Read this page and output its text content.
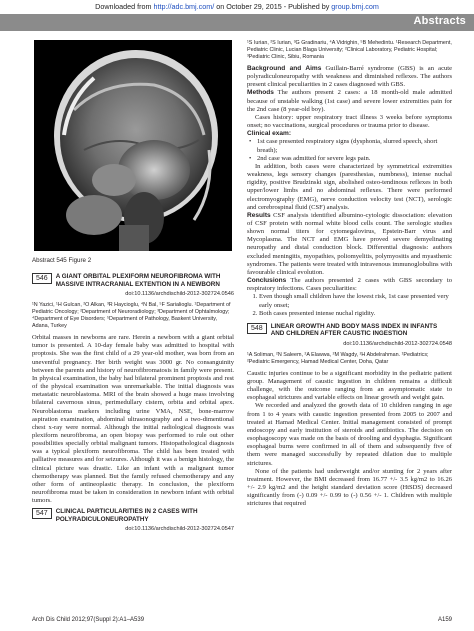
Downloaded from http://adc.bmj.com/ on October 29, 2015 - Published by group.bmj.com
Abstracts
Abstract 545 Figure 2
546	A GIANT ORBITAL PLEXIFORM NEUROFIBROMA WITH MASSIVE INTRACRANIAL EXTENTION IN A NEWBORN
doi:10.1136/archdischild-2012-302724.0546
¹N Yazici, ¹H Gulcan, ²O Alkan, ³R Haycioglu, ⁴N Bal, ⁵F Sarialioglu. ¹Department of Pediatric Oncology; ²Department of Neuroradiology; ³Department of Ophtalmology; ⁴Department of Eye Disorders; ⁵Department of Pathology, Baskent University, Adana, Turkey

Orbital masses in newborns are rare. Herein a newborn with a giant orbital tumor is presented. A 10-day female baby was admitted to hospital with proptosis. She was the first child of a 29 year-old mother, was born from an uneventful pregnancy. Her birth weight was 3000 gr. No consanguinity between the parents and history of neurofibromatosis in family were present. In physical examination, the baby had bilateral prominent proptosis and rest of the physical examination was unremarkable. The initial diagnosis was metastatic neuroblastoma. MRI of the brain showed a huge mass involving bilateral cavernous sinus, perimedullary cistern, orbita and orbital apex. Neuroblastoma markers including urine VMA, NSE, bone-marrow aspiration examination, abdominal ultrasonography and a two-dimentional chest x-ray were normal. Although the initial radiological diagnosis was plexiform neurofibroma, an open biopsy was performed to rule out other possibilities specially orbital malignant tumors. Histopathological diagnosis was a typical plexiform neurofibroma. The child has been treated with palliative measures and for seizures. Although it was a benign histology, the clinical picture was drastic. Like an infant with a malignant tumor chemotherapy was planned. But the family refused chemotherapy and any other form of antineoplastic therapy. In conclusion, the plexiform neurofibroma must be taken in consideration in newborn infant with orbital tumors.

547	CLINICAL PARTICULARITIES IN 2 CASES WITH POLYRADICULONEUROPATHY
doi:10.1136/archdischild-2012-302724.0547
¹S Iurian, ²S Iurian, ³G Gradinariu, ⁴A Vidrighin, ⁵B Mehedintu. ¹Research Department, Pediatric Clinic, Lucian Blaga University; ²Clinical Laboratory, Pediatric Hospital; ³Pediatric Clinic, Sibiu, Romania

Background and Aims Guillain-Barré syndrome (GBS) is an acute polyradiculoneuropathy with weakness and diminished reflexes. The authors present clinical peculiarities in 2 cases diagnosed with GBS.

Methods The authors present 2 cases: a 18 month-old male admitted because of unstable walking (1st case) and severe lower extremities pain for the 2nd case (8 year-old boy).

Cases history: upper respiratory tract illness 3 weeks before symptoms onset; no vaccinations, surgical procedures or trauma prior to disease.

Clinical exam:

• 1st case presented respiratory signs (dysphonia, slurred speech, short breath);
• 2nd case was admitted for severe legs pain.

In addition, both cases were characterized by symmetrical extremities weakness, legs sensory changes (paresthesias, numbness), intense nuchal rigidity, positive Brudzinski sign, abolished osteo-tendinous reflexes in both upper/lower limbs and no abdominal reflexes. There were performed electromyography (EMG), nerve conduction velocity test (NCT), serologic and cerebrospinal fluid (CSF) analysis.

Results CSF analysis identified albumino-cytologic dissociation: elevation of CSF protein with normal white blood cells count. The serologic studies shown normal titers for cytomegalovirus, Epstein-Barr virus and Mycoplasma. The NCT and EMG have proved severe demyelinating neuropathy and distal conduction block. Differential diagnosis: authors excluded meningitis, myopathies, poliomyelitis, polymyositis and myasthenic syndromes. The patients were treated with intravenous immunoglobulins with favourable clinical evolution.

Conclusions The authors presented 2 cases with GBS secondary to respiratory infections. Cases peculiarities:

1. Even though small children have the lowest risk, 1st case presented very early onset;
2. Both cases presented intense nuchal rigidity.
548	LINEAR GROWTH AND BODY MASS INDEX IN INFANTS AND CHILDREN AFTER CAUSTIC INGESTION
doi:10.1136/archdischild-2012-302724.0548
¹A Soliman, ²N Saleem, ²A Elawwa, ²M Wagdy, ²H Abdelrahman. ¹Pediatrics; ²Pediatric Emergency, Hamad Medical Center, Doha, Qatar

Caustic injuries continue to be a significant morbidity in the pediatric patient group. Management of caustic ingestion in children remains a difficult challenge, with the outcome ranging from an asymptomatic state to esophageal strictures and variable effects on linear growth and weight gain.

We recorded and analyzed the growth data of 10 children ranging in age from 1 to 4 years with caustic ingestion presented from 2005 to 2007 and treated at Hamad Medical Center. Initial management consisted of prompt endoscopy and early institution of steroids and antibiotics. The decision on esophagoscopy was made on the basis of drooling and dysphagia. Significant esophageal burns were confirmed in all of them and subsequently five of them were managed successfully by repeated dilation due to multiple strictures.

None of the patients had underweight and/or stunting for 2 years after treatment. However, the BMI decreased from 16.77 +/- 3.5 kg/m2 to 16.26 +/- 2.9 kg/m2 and the height standard deviation score (HtSDS) decreased significantly from (-) 0.09 +/- 0.99 to (-) 0.56 +/- 1. Children with multiple strictures that required

Arch Dis Child 2012;97(Suppl 2):A1–A539	A159
